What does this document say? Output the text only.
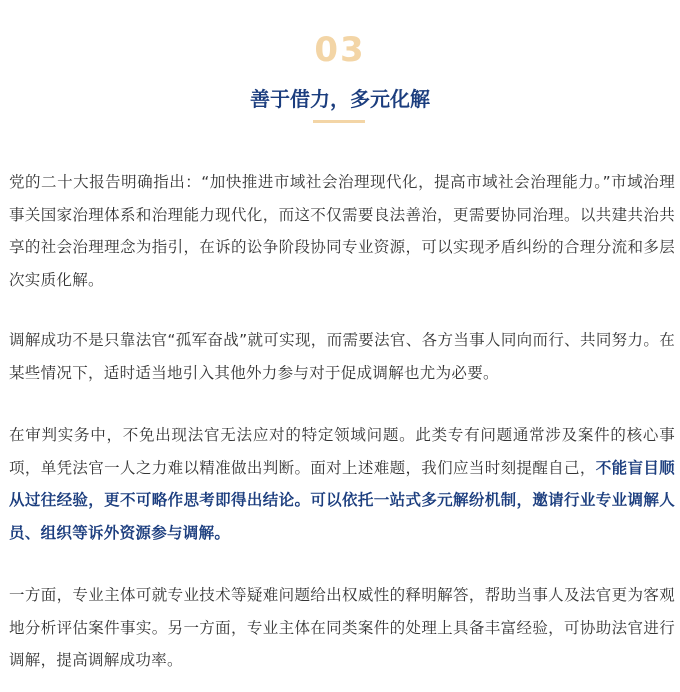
03
善于借力，多元化解

党的二十大报告明确指出：“加快推进市域社会治理现代化，提高市域社会治理能力。”市域治理事关国家治理体系和治理能力现代化，而这不仅需要良法善治，更需要协同治理。以共建共治共享的社会治理理念为指引，在诉的讼争阶段协同专业资源，可以实现矛盾纠纷的合理分流和多层次实质化解。

调解成功不是只靠法官“孤军奋战”就可实现，而需要法官、各方当事人同向而行、共同努力。在某些情况下，适时适当地引入其他外力参与对于促成调解也尤为必要。

在审判实务中，不免出现法官无法应对的特定领域问题。此类专有问题通常涉及案件的核心事项，单凭法官一人之力难以精准做出判断。面对上述难题，我们应当时刻提醒自己，不能盲目顺从过往经验，更不可略作思考即得出结论。可以依托一站式多元解纷机制，邀请行业专业调解人员、组织等诉外资源参与调解。

一方面，专业主体可就专业技术等疑难问题给出权威性的释明解答，帮助当事人及法官更为客观地分析评估案件事实。另一方面，专业主体在同类案件的处理上具备丰富经验，可协助法官进行调解，提高调解成功率。
